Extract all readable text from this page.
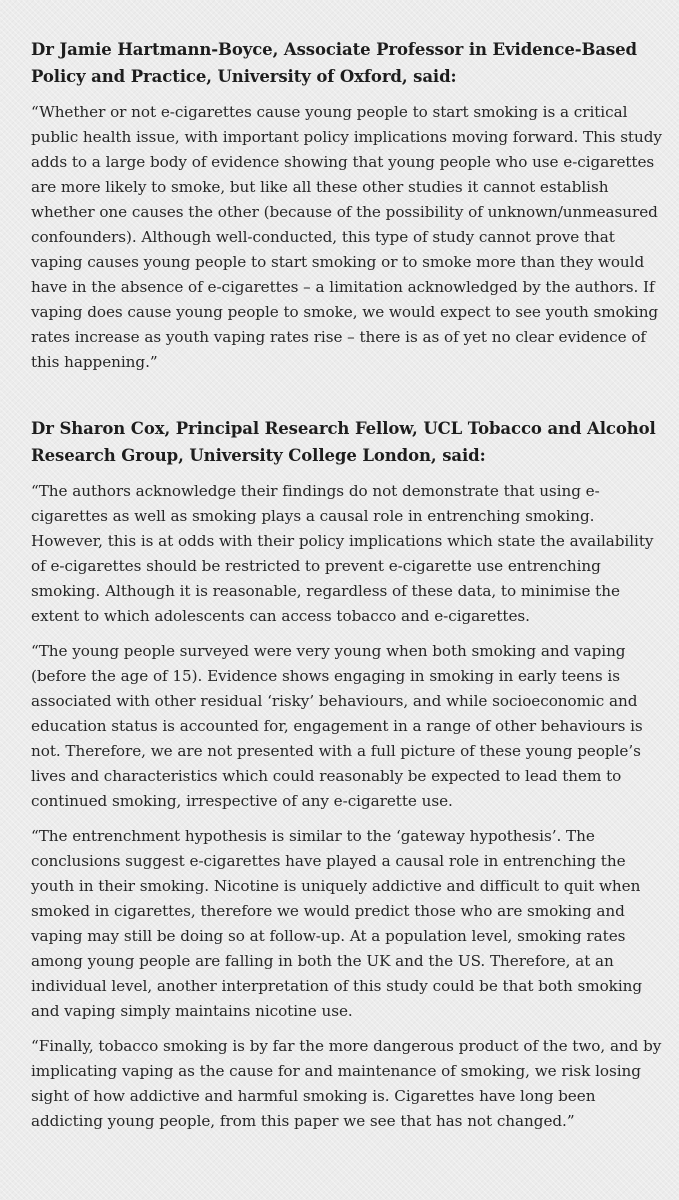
Dr Jamie Hartmann-Boyce, Associate Professor in Evidence-Based Policy and Practice, University of Oxford, said:

“Whether or not e-cigarettes cause young people to start smoking is a critical public health issue, with important policy implications moving forward. This study adds to a large body of evidence showing that young people who use e-cigarettes are more likely to smoke, but like all these other studies it cannot establish whether one causes the other (because of the possibility of unknown/unmeasured confounders). Although well-conducted, this type of study cannot prove that vaping causes young people to start smoking or to smoke more than they would have in the absence of e-cigarettes – a limitation acknowledged by the authors. If vaping does cause young people to smoke, we would expect to see youth smoking rates increase as youth vaping rates rise – there is as of yet no clear evidence of this happening.”

Dr Sharon Cox, Principal Research Fellow, UCL Tobacco and Alcohol Research Group, University College London, said:

“The authors acknowledge their findings do not demonstrate that using e-cigarettes as well as smoking plays a causal role in entrenching smoking. However, this is at odds with their policy implications which state the availability of e-cigarettes should be restricted to prevent e-cigarette use entrenching smoking. Although it is reasonable, regardless of these data, to minimise the extent to which adolescents can access tobacco and e-cigarettes.

“The young people surveyed were very young when both smoking and vaping (before the age of 15). Evidence shows engaging in smoking in early teens is associated with other residual ‘risky’ behaviours, and while socioeconomic and education status is accounted for, engagement in a range of other behaviours is not. Therefore, we are not presented with a full picture of these young people’s lives and characteristics which could reasonably be expected to lead them to continued smoking, irrespective of any e-cigarette use.

“The entrenchment hypothesis is similar to the ‘gateway hypothesis’. The conclusions suggest e-cigarettes have played a causal role in entrenching the youth in their smoking. Nicotine is uniquely addictive and difficult to quit when smoked in cigarettes, therefore we would predict those who are smoking and vaping may still be doing so at follow-up. At a population level, smoking rates among young people are falling in both the UK and the US. Therefore, at an individual level, another interpretation of this study could be that both smoking and vaping simply maintains nicotine use.

“Finally, tobacco smoking is by far the more dangerous product of the two, and by implicating vaping as the cause for and maintenance of smoking, we risk losing sight of how addictive and harmful smoking is. Cigarettes have long been addicting young people, from this paper we see that has not changed.”
